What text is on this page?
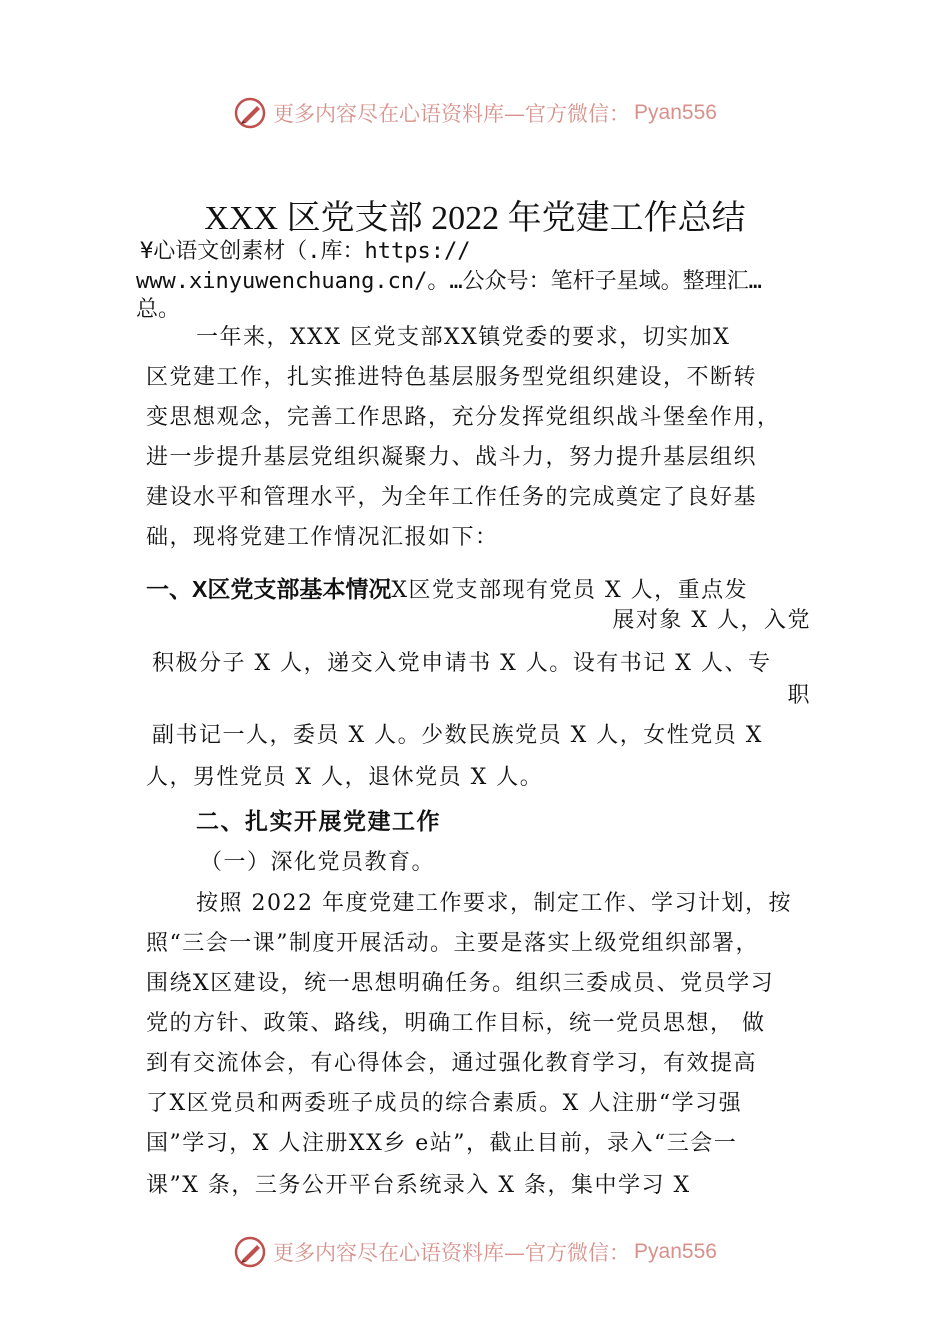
更多内容尽在心语资料库—官方微信： Pyan556
XXX 区党支部 2022 年党建工作总结
¥心语文创素材（.库：https://
www.xinyuwenchuang.cn/。…公众号：笔杆子星域。整理汇…
总。
一年来，XXX 区党支部XX镇党委的要求，切实加X
区党建工作，扎实推进特色基层服务型党组织建设，不断转
变思想观念，完善工作思路，充分发挥党组织战斗堡垒作用，
进一步提升基层党组织凝聚力、战斗力，努力提升基层组织
建设水平和管理水平，为全年工作任务的完成奠定了良好基
础，现将党建工作情况汇报如下：
一、X区党支部基本情况X区党支部现有党员 X 人，重点发
展对象 X 人，入党
积极分子 X 人，递交入党申请书 X 人。设有书记 X 人、专
职
副书记一人，委员 X 人。少数民族党员 X 人，女性党员 X
人，男性党员 X 人，退休党员 X 人。
二、扎实开展党建工作
（一）深化党员教育。
按照 2022 年度党建工作要求，制定工作、学习计划，按
照“三会一课”制度开展活动。主要是落实上级党组织部署，
围绕X区建设，统一思想明确任务。组织三委成员、党员学习
党的方针、政策、路线，明确工作目标，统一党员思想， 做
到有交流体会，有心得体会，通过强化教育学习，有效提高
了X区党员和两委班子成员的综合素质。X 人注册“学习强
国”学习，X 人注册XX乡 e站”，截止目前，录入“三会一
课”X 条，三务公开平台系统录入 X 条，集中学习 X
更多内容尽在心语资料库—官方微信： Pyan556
